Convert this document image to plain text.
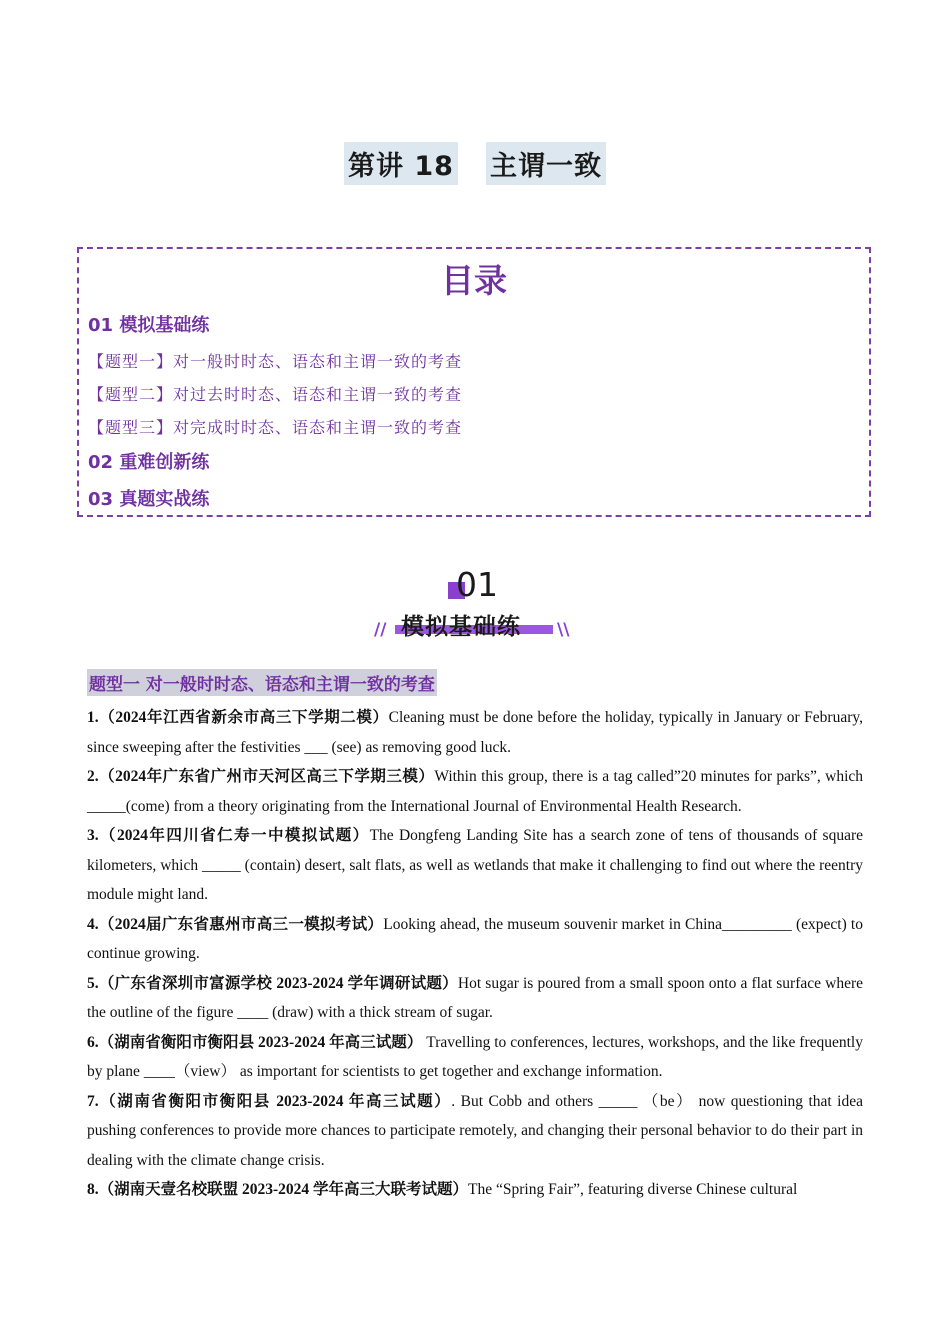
第讲 18 主谓一致
目录
01 模拟基础练
【题型一】对一般时时态、语态和主谓一致的考查
【题型二】对过去时时态、语态和主谓一致的考查
【题型三】对完成时时态、语态和主谓一致的考查
02 重难创新练
03 真题实战练
01
模拟基础练
//	\\
题型一 对一般时时态、语态和主谓一致的考查

1.（2024年江西省新余市高三下学期二模）Cleaning must be done before the holiday, typically in January or February, since sweeping after the festivities ___ (see) as removing good luck.

2.（2024年广东省广州市天河区高三下学期三模）Within this group, there is a tag called”20 minutes for parks”, which _____(come) from a theory originating from the International Journal of Environmental Health Research.

3.（2024年四川省仁寿一中模拟试题）The Dongfeng Landing Site has a search zone of tens of thousands of square kilometers, which _____ (contain) desert, salt flats, as well as wetlands that make it challenging to find out where the reentry module might land.

4.（2024届广东省惠州市高三一模拟考试）Looking ahead, the museum souvenir market in China_________ (expect) to continue growing.

5.（广东省深圳市富源学校 2023-2024 学年调研试题）Hot sugar is poured from a small spoon onto a flat surface where the outline of the figure ____ (draw) with a thick stream of sugar.

6.（湖南省衡阳市衡阳县 2023-2024 年高三试题） Travelling to conferences, lectures, workshops, and the like frequently by plane ____（view） as important for scientists to get together and exchange information.

7.（湖南省衡阳市衡阳县 2023-2024 年高三试题）. But Cobb and others _____ （be） now questioning that idea pushing conferences to provide more chances to participate remotely, and changing their personal behavior to do their part in dealing with the climate change crisis.

8.（湖南天壹名校联盟 2023-2024 学年高三大联考试题）The “Spring Fair”, featuring diverse Chinese cultural
